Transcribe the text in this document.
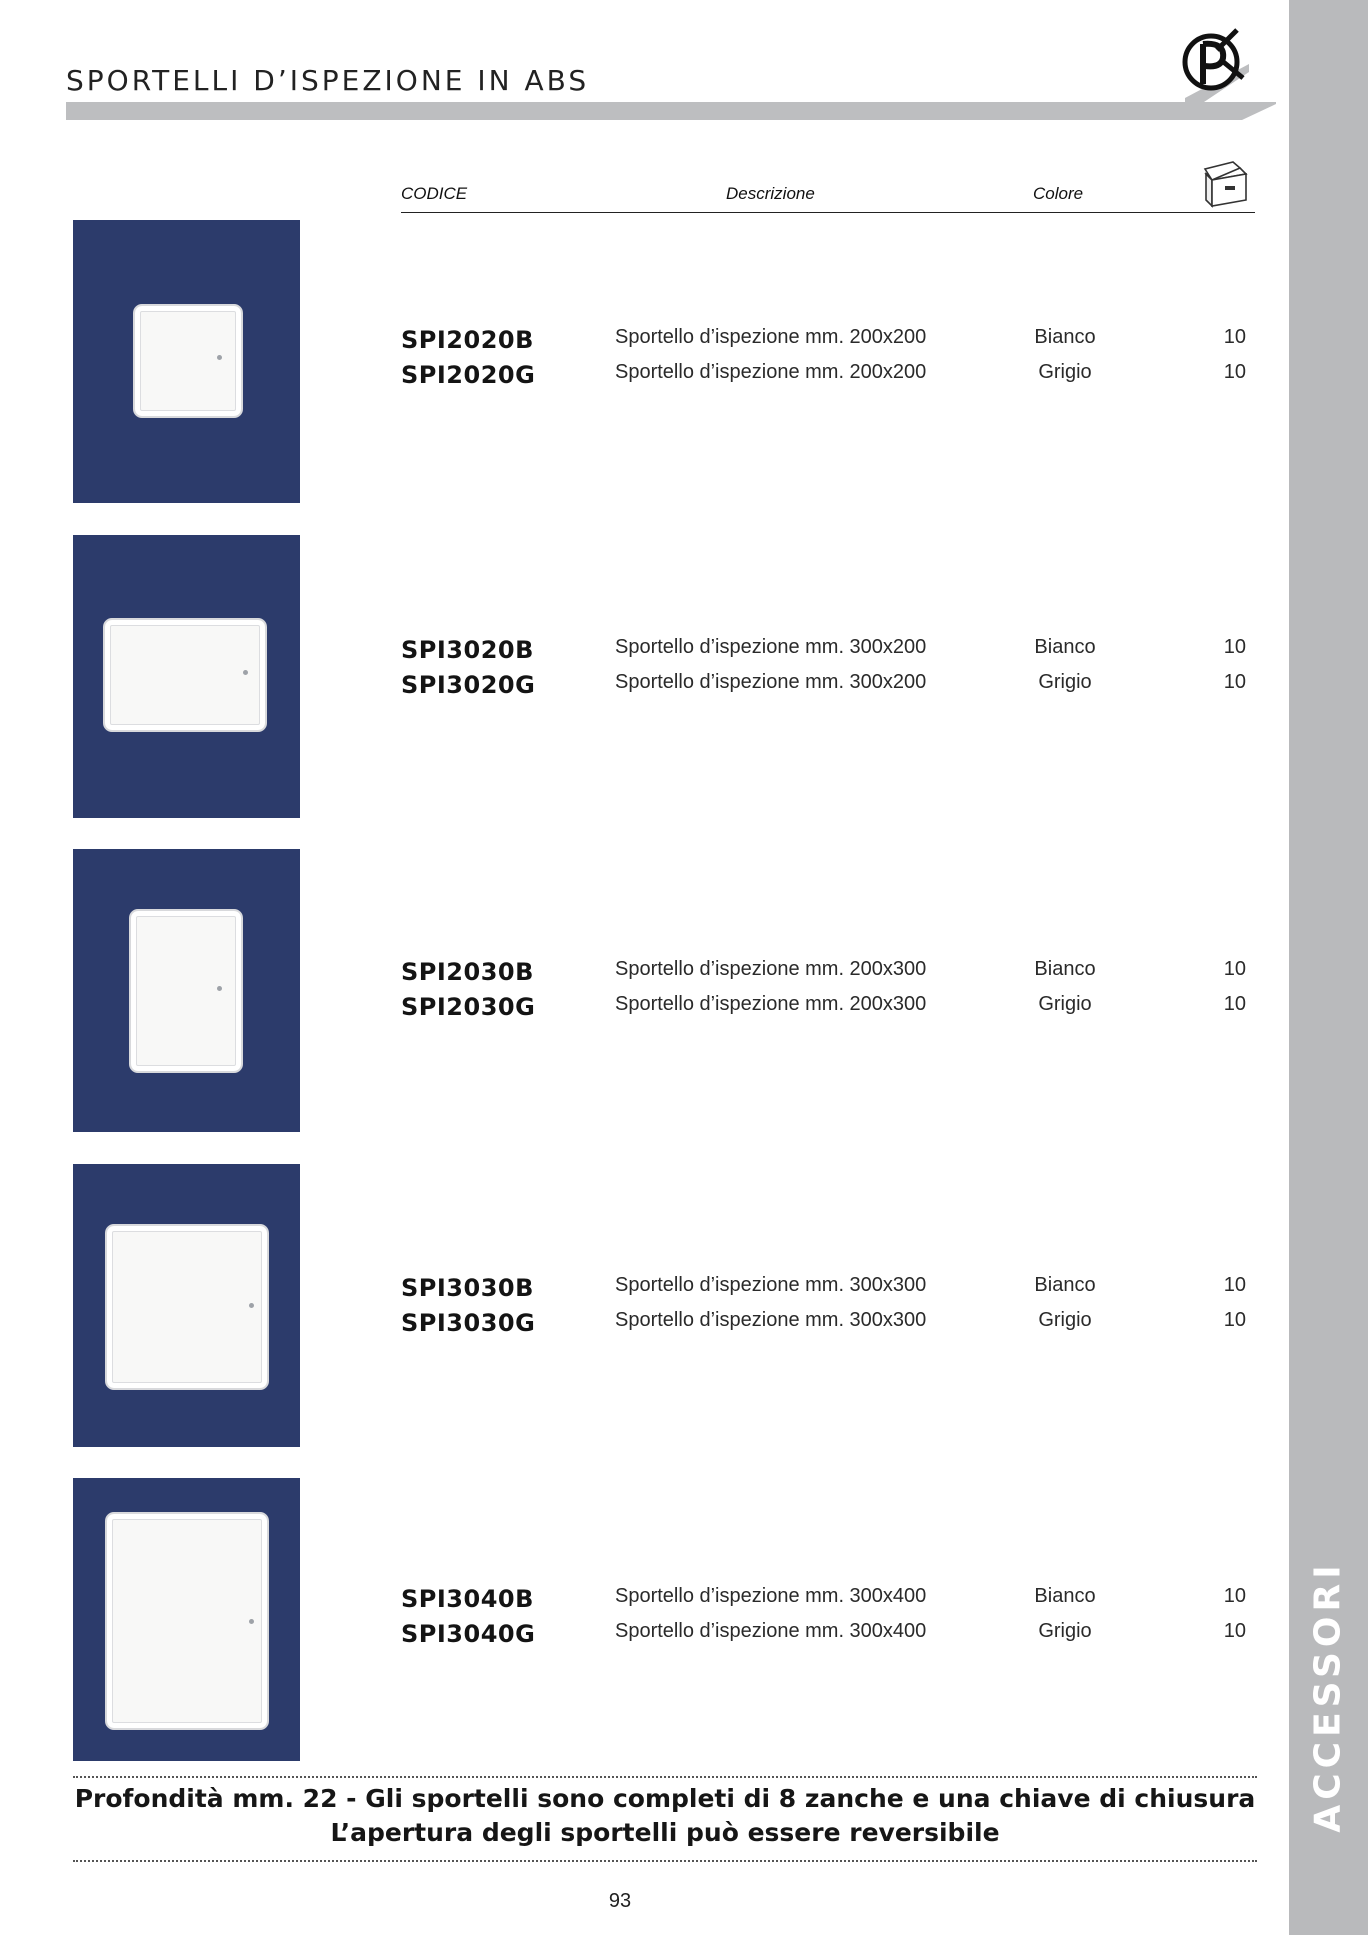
ACCESSORI
SPORTELLI D’ISPEZIONE IN ABS
CODICE	Descrizione	Colore
SPI2020B	Sportello d’ispezione mm. 200x200	Bianco	10
SPI2020G	Sportello d’ispezione mm. 200x200	Grigio	10
SPI3020B	Sportello d’ispezione mm. 300x200	Bianco	10
SPI3020G	Sportello d’ispezione mm. 300x200	Grigio	10
SPI2030B	Sportello d’ispezione mm. 200x300	Bianco	10
SPI2030G	Sportello d’ispezione mm. 200x300	Grigio	10
SPI3030B	Sportello d’ispezione mm. 300x300	Bianco	10
SPI3030G	Sportello d’ispezione mm. 300x300	Grigio	10
SPI3040B	Sportello d’ispezione mm. 300x400	Bianco	10
SPI3040G	Sportello d’ispezione mm. 300x400	Grigio	10
Profondità mm. 22 - Gli sportelli sono completi di 8 zanche e una chiave di chiusura
L’apertura degli sportelli può essere reversibile
93
